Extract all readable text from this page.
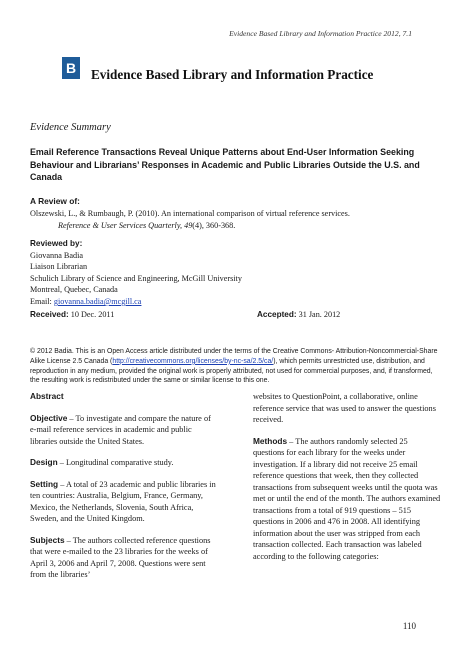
Evidence Based Library and Information Practice 2012, 7.1
B Evidence Based Library and Information Practice
Evidence Summary
Email Reference Transactions Reveal Unique Patterns about End-User Information Seeking Behaviour and Librarians’ Responses in Academic and Public Libraries Outside the U.S. and Canada
A Review of:
Olszewski, L., & Rumbaugh, P. (2010). An international comparison of virtual reference services.
Reference & User Services Quarterly, 49(4), 360-368.
Reviewed by:
Giovanna Badia
Liaison Librarian
Schulich Library of Science and Engineering, McGill University
Montreal, Quebec, Canada
Email: giovanna.badia@mcgill.ca
Received: 10 Dec. 2011	Accepted: 31 Jan. 2012
© 2012 Badia. This is an Open Access article distributed under the terms of the Creative Commons- Attribution-Noncommercial-Share Alike License 2.5 Canada (http://creativecommons.org/licenses/by-nc-sa/2.5/ca/), which permits unrestricted use, distribution, and reproduction in any medium, provided the original work is properly attributed, not used for commercial purposes, and, if transformed, the resulting work is redistributed under the same or similar license to this one.

Abstract

Objective – To investigate and compare the nature of e-mail reference services in academic and public libraries outside the United States.

Design – Longitudinal comparative study.

Setting – A total of 23 academic and public libraries in ten countries: Australia, Belgium, France, Germany, Mexico, the Netherlands, Slovenia, South Africa, Sweden, and the United Kingdom.

Subjects – The authors collected reference questions that were e-mailed to the 23 libraries for the weeks of April 3, 2006 and April 7, 2008. Questions were sent from the libraries’

websites to QuestionPoint, a collaborative, online reference service that was used to answer the questions received.

Methods – The authors randomly selected 25 questions for each library for the weeks under investigation. If a library did not receive 25 email reference questions that week, then they collected transactions from subsequent weeks until the quota was met or until the end of the month. The authors examined transactions from a total of 919 questions – 515 questions in 2006 and 476 in 2008. All identifying information about the user was stripped from each transaction collected. Each transaction was labeled according to the following categories:

110
